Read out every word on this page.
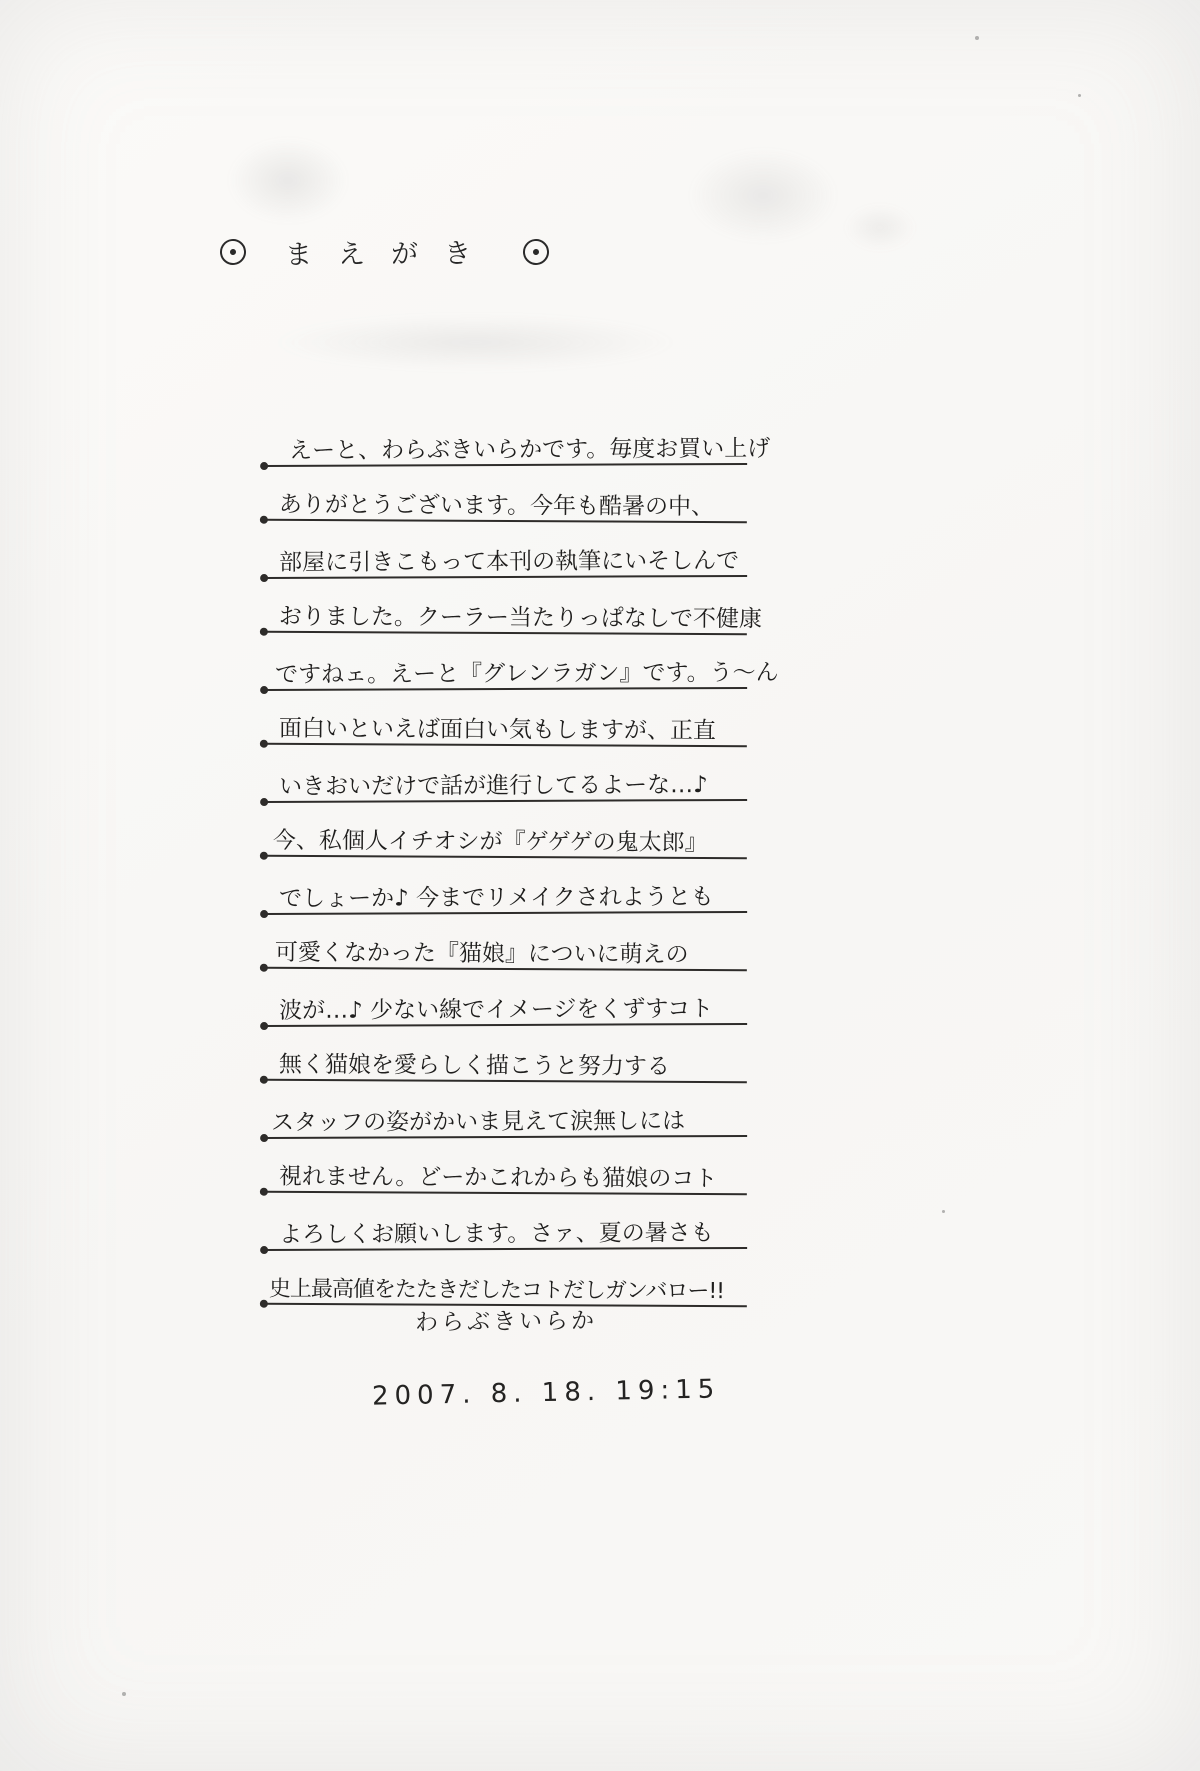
まえがき
えーと、わらぶきいらかです。毎度お買い上げ
ありがとうございます。今年も酷暑の中、
部屋に引きこもって本刊の執筆にいそしんで
おりました。クーラー当たりっぱなしで不健康
ですねェ。えーと『グレンラガン』です。う〜ん
面白いといえば面白い気もしますが、正直
いきおいだけで話が進行してるよーな…♪
今、私個人イチオシが『ゲゲゲの鬼太郎』
でしょーか♪ 今までリメイクされようとも
可愛くなかった『猫娘』についに萌えの
波が…♪ 少ない線でイメージをくずすコト
無く猫娘を愛らしく描こうと努力する
スタッフの姿がかいま見えて涙無しには
視れません。どーかこれからも猫娘のコト
よろしくお願いします。さァ、夏の暑さも
史上最高値をたたきだしたコトだしガンバロー!!
わらぶきいらか
2007. 8. 18. 19:15
